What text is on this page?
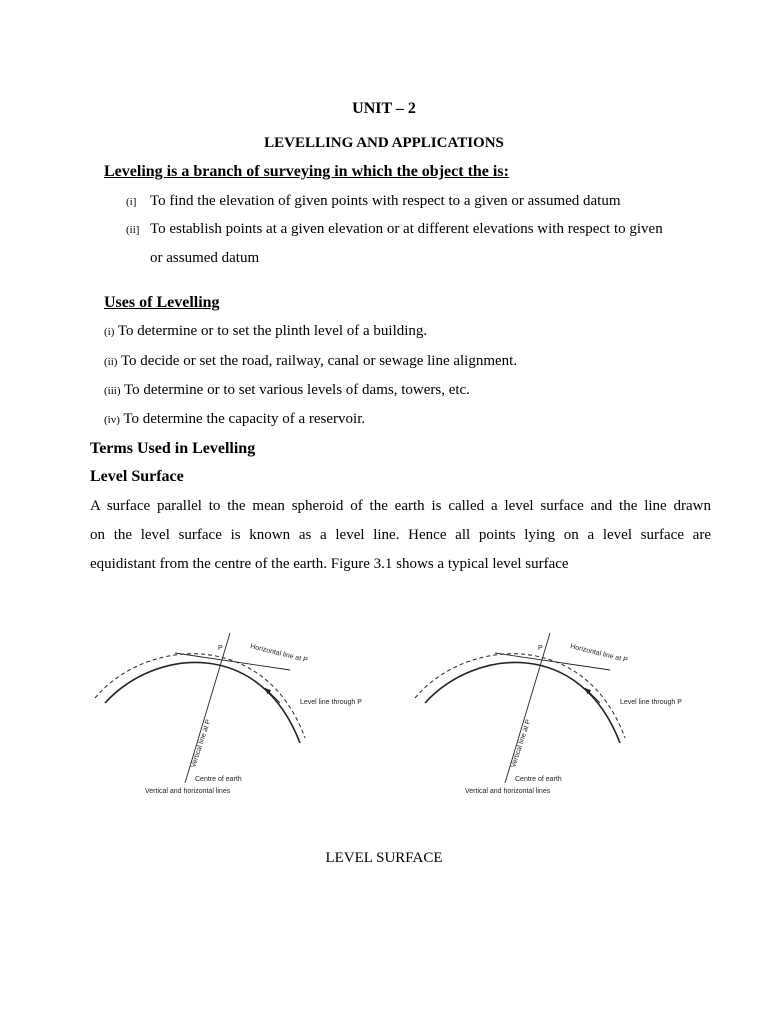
UNIT – 2
LEVELLING AND APPLICATIONS
Leveling is a branch of surveying in which the object the is:
(i] To find the elevation of given points with respect to a given or assumed datum
(ii] To establish points at a given elevation or at different elevations with respect to given
or assumed datum
Uses of Levelling
(i) To determine or to set the plinth level of a building.
(ii) To decide or set the road, railway, canal or sewage line alignment.
(iii) To determine or to set various levels of dams, towers, etc.
(iv) To determine the capacity of a reservoir.
Terms Used in Levelling
Level Surface
A surface parallel to the mean spheroid of the earth is called a level surface and the line drawn
on the level surface is known as a level line. Hence all points lying on a level surface are
equidistant from the centre of the earth. Figure 3.1 shows a typical level surface
P	Horizontal line at P
Level line through P
Vertical line at P
Centre of earth
Vertical and horizontal lines
P	Horizontal line at P
Level line through P
Vertical line at P
Centre of earth
Vertical and horizontal lines
LEVEL SURFACE
